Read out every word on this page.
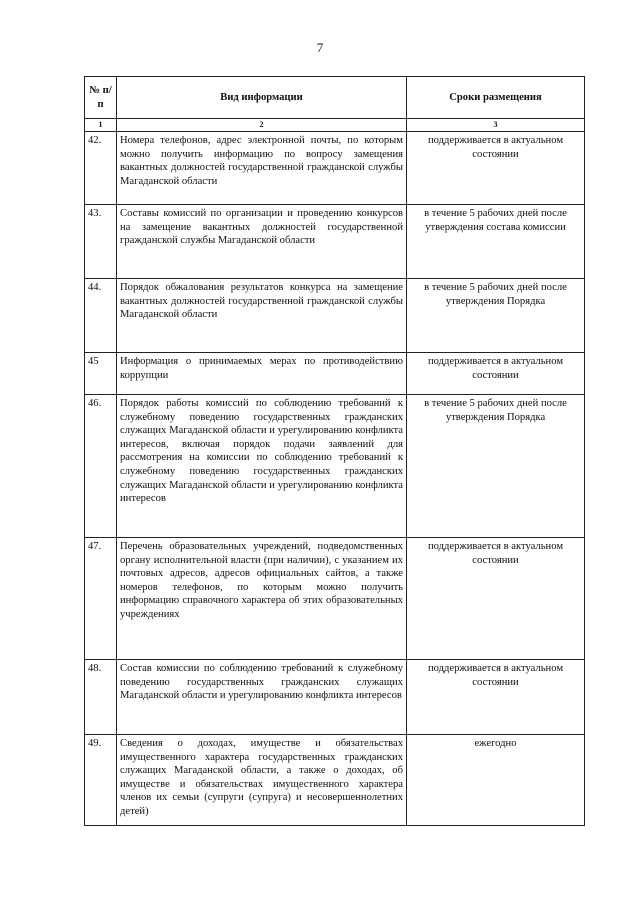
7
№ п/п	Вид информации	Сроки размещения
1	2	3
42.	Номера телефонов, адрес электронной почты, по которым можно получить информацию по вопросу замещения вакантных должностей государственной гражданской службы Магаданской области	поддерживается в актуальном состоянии
43.	Составы комиссий по организации и проведению конкурсов на замещение вакантных должностей государственной гражданской службы Магаданской области	в течение 5 рабочих дней после утверждения состава комиссии
44.	Порядок обжалования результатов конкурса на замещение вакантных должностей государственной гражданской службы Магаданской области	в течение 5 рабочих дней после утверждения Порядка
45	Информация о принимаемых мерах по противодействию коррупции	поддерживается в актуальном состоянии
46.	Порядок работы комиссий по соблюдению требований к служебному поведению государственных гражданских служащих Магаданской области и урегулированию конфликта интересов, включая порядок подачи заявлений для рассмотрения на комиссии по соблюдению требований к служебному поведению государственных гражданских служащих Магаданской области и урегулированию конфликта интересов	в течение 5 рабочих дней после утверждения Порядка
47.	Перечень образовательных учреждений, подведомственных органу исполнительной власти (при наличии), с указанием их почтовых адресов, адресов официальных сайтов, а также номеров телефонов, по которым можно получить информацию справочного характера об этих образовательных учреждениях	поддерживается в актуальном состоянии
48.	Состав комиссии по соблюдению требований к служебному поведению государственных гражданских служащих Магаданской области и урегулированию конфликта интересов	поддерживается в актуальном состоянии
49.	Сведения о доходах, имуществе и обязательствах имущественного характера государственных гражданских служащих Магаданской области, а также о доходах, об имуществе и обязательствах имущественного характера членов их семьи (супруги (супруга) и несовершеннолетних детей)	ежегодно
